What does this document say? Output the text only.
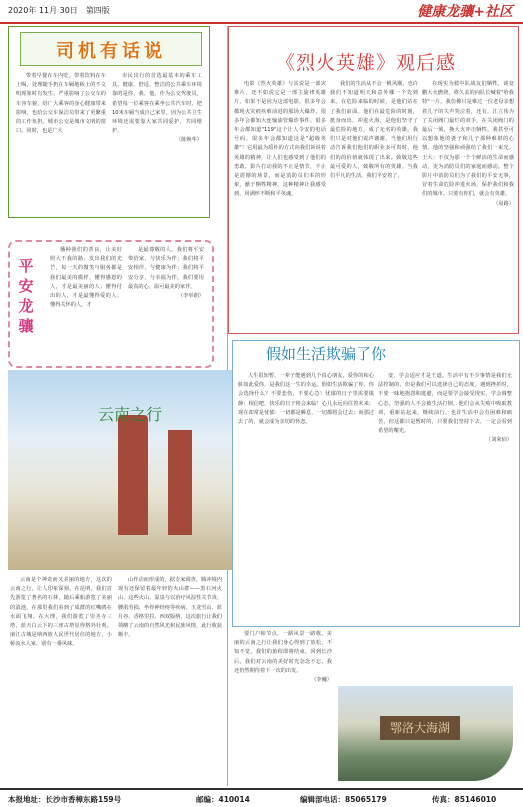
2020年 11月 30日　 第四版	健康龙骧+社区
司机有话说

带着早餐在车内吃，带着饮料在车上喝，处理随手扔在车厢地板上的不文明现象时有发生。严重影响了公交车的车容车貌，给广大乘客的身心健康带来影响，也给公交车保洁员带来了更繁重的工作负担。城市公交是城市文明的窗口，同时，也是广大

市民出行的首选最基本的乘车工具。健康、舒适、整洁的公共乘车环境靠的是你、我、他。作为公交驾驶员，希望每一位乘客在乘坐公共汽车时，把10米车厢当成自己家里，因为公共卫生环境还需要靠大家共同爱护，共同维护。

（陈焕华）
平
安
龙
骧

播种我们的善良，让美好照大不我的路；发出我们的光芒，每一天的微笑与服务都是我们最美的模样。懂得感恩的人，才是最美丽的人；懂得付出的人，才是最懂得爱的人；懂得关怀的人，才

是最尊敬的人。我们将平安带给家，与快乐为伴；我们将平安相伴，与健康为伴；我们将平安分享，与幸福为伴。我们要用最真的心，温可最美的家伴。

（李举朗）
《烈火英雄》观后感

电影《烈火英雄》与其说是一部灾难片，还不如说它是一部主旋律英雄片，如果不是因为这部电影，很多年会都现火灾痕疾难前进的那场大爆炸，很多年会都知大连输油管爆炸事件。很多年会都知道"119"这个让人令安的电话号码，很多年会都知道这是"超级英雄"！它用最为质朴的方式向我们诉说着英雄的精神，让人们也感受到了他们的勇敢。影片打动我的不止是情节，不止是震撼的场景，而是消防员们本的形象，献于牺牲精神。这种精神让我感受到，用满怀不断和平英魂。

我们的生活从不会一帆风顺，也许我们不知道明天和意外哪一个先到来。在危险来临的时候，是他们站在了我们前面。他们在最危险的时刻，挺身而出，冲进火海，是他们坚守了最危险的地方，成了无名的英雄。我们只是对他们说声谢谢，当他们用行动告诉我们他们的职业多可贵时，他们的的价值就体现了出来。致敬这些最可爱的人，致敬所有的英雄。当我们平凡的生活，我们平安着了。

在现实为救中队战友们牺牲，谈竟鹏大火燃烧，将久盖的向队长喊着"哈我特"一片。我仿佛只是难过一位老母亲想着儿子的失声哭泣着，还有，江立伟为了关闭阀门最烂的双手，在关闭阀门的最后一刻，换大火冲击牺牲。我甚至可以想象他的妻子和儿子那种难堪的心情，他的坚强和顽强给了我们一束光。王大：不仅为那一个个鲜活的生命而感动，更为消防员们的家庭而感动。整个影片中消防员们为了我们的平安无事，冒着生命危险冲进火场，保护我们和我们的城市。只要有你们，就会有英雄。

（易路）
云南之行

云南是个神奇而又美丽的地方，这次的云南之行，让人印象深刻。在昆明，我们首先游览了著名的石林，随后乘船游览了美丽的滇池，在那里我们看到了成群的红嘴鸥在水面飞翔。在大理，我们游览了崇圣寺三塔，蓝天白云下的三座古塔显得格外壮观。丽江古城是纳西族人民世代居住的地方，小桥流水人家，别有一番风味。

山作动而形成的，据专家调查，腾冲境内现有还保留着最年轻的火山群——黑石河火山，这些火山，温泉与以治疗风湿性关节炎、腰肌劳损、坐骨神经疼等疾病。玉龙雪山、蓝月谷、香格里拉、西双版纳，这次旅行让我们领略了云南的自然风光和民族风情，此行收获颇丰。	要门户和节点。一路风景一路歌，美丽的云南之行让我们身心得到了放松，不知不觉，我们的旅程即将结束。回到长沙后，我们对云南的美好时光念念不忘，我还仍然期待着下一次的出发。

（李巍）
鄂洛大海湖
假如生活欺骗了你

人生很短暂，一辈子能遇到几个真心朋友，爱你的和心脏如此爱你，是我们这一生的幸运。假如生活欺骗了你，你会选择什么？不要悲伤，不要心急！忧郁的日子里需要镇静：相信吧，快乐的日子将会来临！心儿永远向往着未来；现在却常是忧郁：一切都是瞬息，一切都将会过去；而那过去了的，就会成为亲切的怀恋。

变，学会适应才是王道。生活中有不少事情是我们无法控制的，但是我们可以选择自己的态度。遇到挫折时，不要一味地抱怨和逃避，而是要学会接受现实，学会调整心态。坚强的人不会被生活打倒，他们会从失败中吸取教训，重新站起来，继续前行。也许生活中会有困难和痛苦，但这都只是暂时的，只要我们坚持下去，一定会看到希望的曙光。

（刘荣佰）
本报地址：长沙市香樟东路159号	邮编：410014	编辑部电话：85065179	传真：85146010
